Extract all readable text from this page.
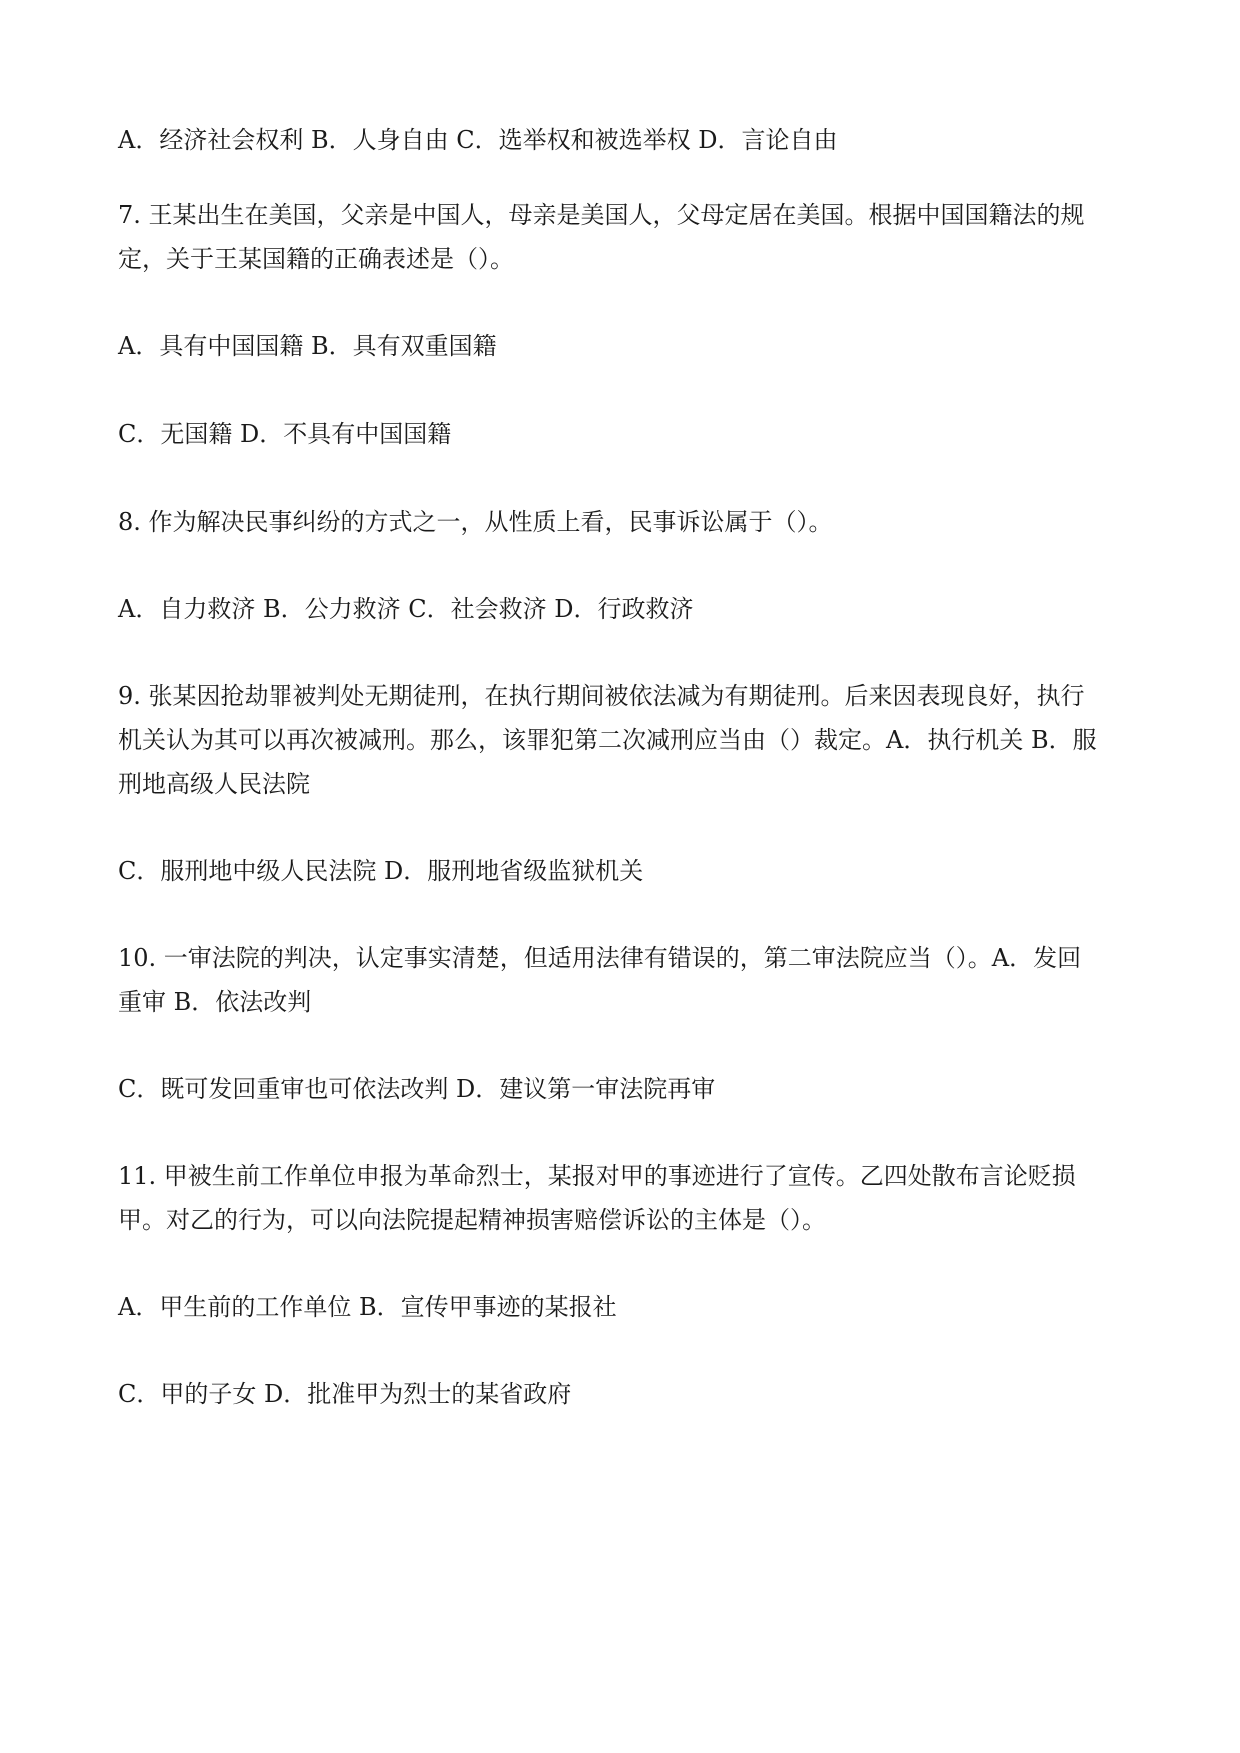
A．经济社会权利 B．人身自由 C．选举权和被选举权 D．言论自由
7. 王某出生在美国，父亲是中国人，母亲是美国人，父母定居在美国。根据中国国籍法的规
定，关于王某国籍的正确表述是（）。
A．具有中国国籍 B．具有双重国籍
C．无国籍 D．不具有中国国籍
8. 作为解决民事纠纷的方式之一，从性质上看，民事诉讼属于（）。
A．自力救济 B．公力救济 C．社会救济 D．行政救济
9. 张某因抢劫罪被判处无期徒刑，在执行期间被依法减为有期徒刑。后来因表现良好，执行
机关认为其可以再次被减刑。那么，该罪犯第二次减刑应当由（）裁定。A．执行机关 B．服
刑地高级人民法院
C．服刑地中级人民法院 D．服刑地省级监狱机关
10. 一审法院的判决，认定事实清楚，但适用法律有错误的，第二审法院应当（）。A．发回
重审 B．依法改判
C．既可发回重审也可依法改判 D．建议第一审法院再审
11. 甲被生前工作单位申报为革命烈士，某报对甲的事迹进行了宣传。乙四处散布言论贬损
甲。对乙的行为，可以向法院提起精神损害赔偿诉讼的主体是（）。
A．甲生前的工作单位 B．宣传甲事迹的某报社
C．甲的子女 D．批准甲为烈士的某省政府
